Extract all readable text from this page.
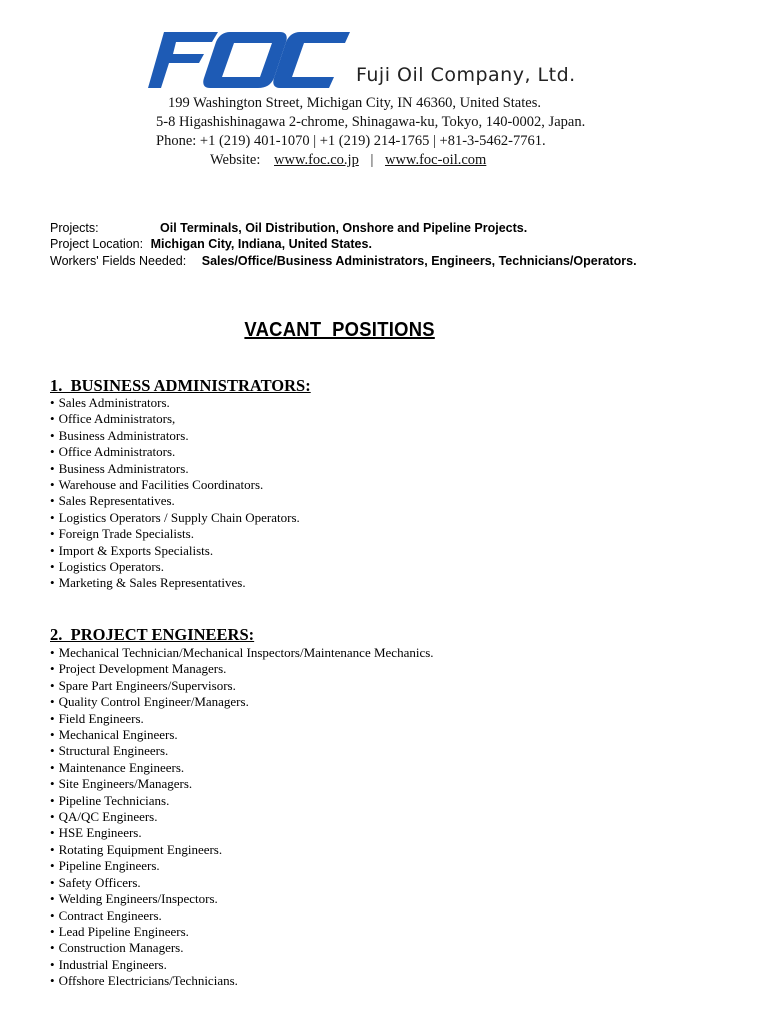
Fuji Oil Company, Ltd.
199 Washington Street, Michigan City, IN 46360, United States.
5-8 Higashishinagawa 2-chrome, Shinagawa-ku, Tokyo, 140-0002, Japan.
Phone: +1 (219) 401-1070 | +1 (219) 214-1765 | +81-3-5462-7761.
Website: www.foc.co.jp | www.foc-oil.com
Projects:	Oil Terminals, Oil Distribution, Onshore and Pipeline Projects.
Project Location: Michigan City, Indiana, United States.
Workers' Fields Needed: Sales/Office/Business Administrators, Engineers, Technicians/Operators.
VACANT  POSITIONS
1.  BUSINESS ADMINISTRATORS:
• Sales Administrators.
• Office Administrators,
• Business Administrators.
• Office Administrators.
• Business Administrators.
• Warehouse and Facilities Coordinators.
• Sales Representatives.
• Logistics Operators / Supply Chain Operators.
• Foreign Trade Specialists.
• Import & Exports Specialists.
• Logistics Operators.
• Marketing & Sales Representatives.
2.  PROJECT ENGINEERS:
• Mechanical Technician/Mechanical Inspectors/Maintenance Mechanics.
• Project Development Managers.
• Spare Part Engineers/Supervisors.
• Quality Control Engineer/Managers.
• Field Engineers.
• Mechanical Engineers.
• Structural Engineers.
• Maintenance Engineers.
• Site Engineers/Managers.
• Pipeline Technicians.
• QA/QC Engineers.
• HSE Engineers.
• Rotating Equipment Engineers.
• Pipeline Engineers.
• Safety Officers.
• Welding Engineers/Inspectors.
• Contract Engineers.
• Lead Pipeline Engineers.
• Construction Managers.
• Industrial Engineers.
• Offshore Electricians/Technicians.
